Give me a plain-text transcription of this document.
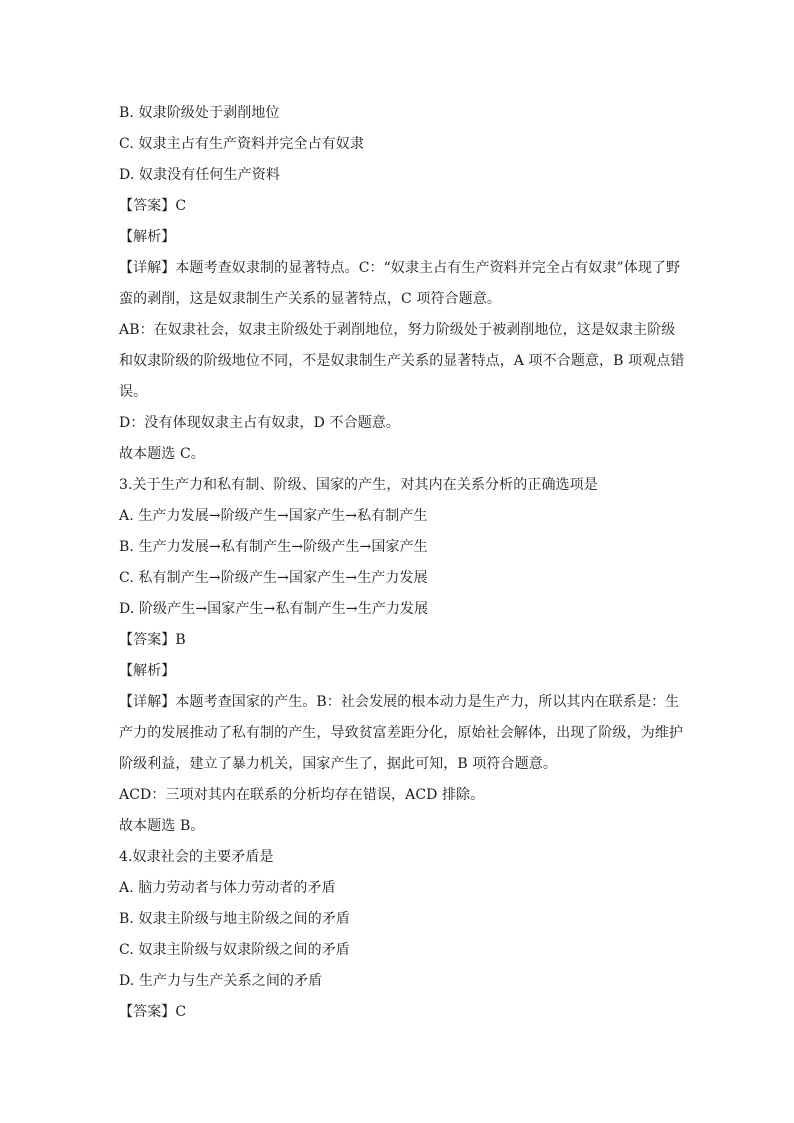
B. 奴隶阶级处于剥削地位
C. 奴隶主占有生产资料并完全占有奴隶
D. 奴隶没有任何生产资料
【答案】C
【解析】
【详解】本题考查奴隶制的显著特点。C：“奴隶主占有生产资料并完全占有奴隶”体现了野
蛮的剥削，这是奴隶制生产关系的显著特点，C 项符合题意。
AB：在奴隶社会，奴隶主阶级处于剥削地位，努力阶级处于被剥削地位，这是奴隶主阶级
和奴隶阶级的阶级地位不同，不是奴隶制生产关系的显著特点，A 项不合题意，B 项观点错
误。
D：没有体现奴隶主占有奴隶，D 不合题意。
故本题选 C。
3.关于生产力和私有制、阶级、国家的产生，对其内在关系分析的正确选项是
A. 生产力发展→阶级产生→国家产生→私有制产生
B. 生产力发展→私有制产生→阶级产生→国家产生
C. 私有制产生→阶级产生→国家产生→生产力发展
D. 阶级产生→国家产生→私有制产生→生产力发展
【答案】B
【解析】
【详解】本题考查国家的产生。B：社会发展的根本动力是生产力，所以其内在联系是：生
产力的发展推动了私有制的产生，导致贫富差距分化，原始社会解体，出现了阶级，为维护
阶级利益，建立了暴力机关，国家产生了，据此可知，B 项符合题意。
ACD：三项对其内在联系的分析均存在错误，ACD 排除。
故本题选 B。
4.奴隶社会的主要矛盾是
A. 脑力劳动者与体力劳动者的矛盾
B. 奴隶主阶级与地主阶级之间的矛盾
C. 奴隶主阶级与奴隶阶级之间的矛盾
D. 生产力与生产关系之间的矛盾
【答案】C
